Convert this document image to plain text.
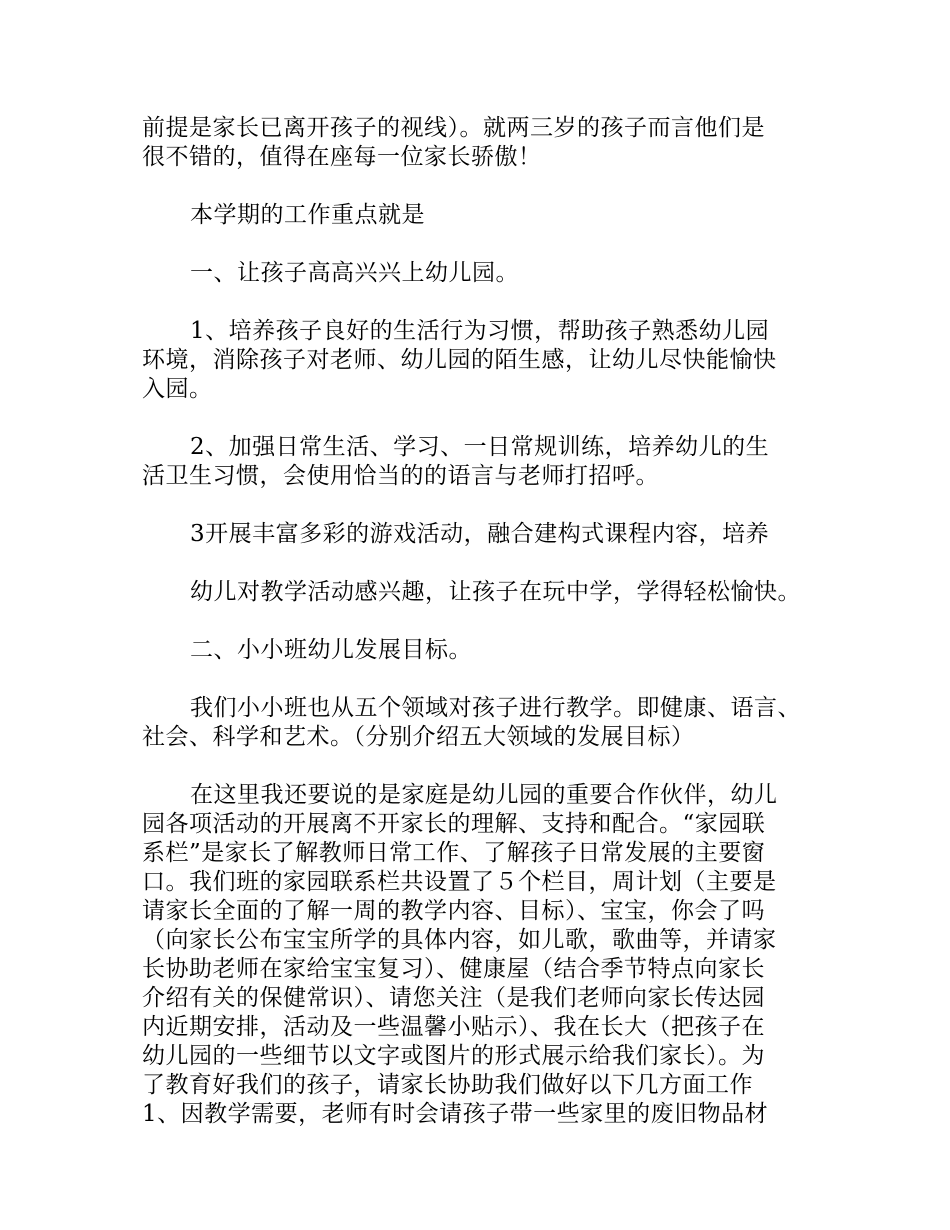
前提是家长已离开孩子的视线）。就两三岁的孩子而言他们是
很不错的，值得在座每一位家长骄傲！
本学期的工作重点就是
一、让孩子高高兴兴上幼儿园。
1、培养孩子良好的生活行为习惯，帮助孩子熟悉幼儿园
环境，消除孩子对老师、幼儿园的陌生感，让幼儿尽快能愉快
入园。
2、加强日常生活、学习、一日常规训练，培养幼儿的生
活卫生习惯，会使用恰当的的语言与老师打招呼。
3开展丰富多彩的游戏活动，融合建构式课程内容，培养
幼儿对教学活动感兴趣，让孩子在玩中学，学得轻松愉快。
二、小小班幼儿发展目标。
我们小小班也从五个领域对孩子进行教学。即健康、语言、
社会、科学和艺术。（分别介绍五大领域的发展目标）
在这里我还要说的是家庭是幼儿园的重要合作伙伴，幼儿
园各项活动的开展离不开家长的理解、支持和配合。“家园联
系栏”是家长了解教师日常工作、了解孩子日常发展的主要窗
口。我们班的家园联系栏共设置了５个栏目，周计划（主要是
请家长全面的了解一周的教学内容、目标）、宝宝，你会了吗
（向家长公布宝宝所学的具体内容，如儿歌，歌曲等，并请家
长协助老师在家给宝宝复习）、健康屋（结合季节特点向家长
介绍有关的保健常识）、请您关注（是我们老师向家长传达园
内近期安排，活动及一些温馨小贴示）、我在长大（把孩子在
幼儿园的一些细节以文字或图片的形式展示给我们家长）。为
了教育好我们的孩子，请家长协助我们做好以下几方面工作
1、因教学需要，老师有时会请孩子带一些家里的废旧物品材
